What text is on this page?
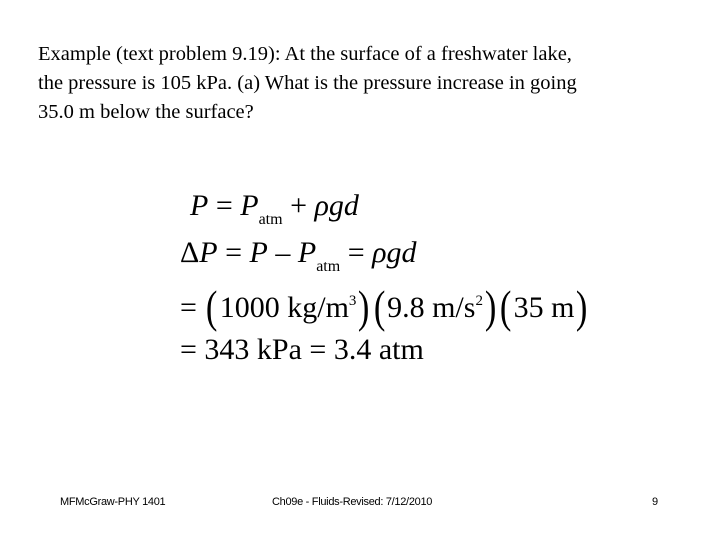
Example (text problem 9.19): At the surface of a freshwater lake,
the pressure is 105 kPa. (a) What is the pressure increase in going
35.0 m below the surface?

$P = P_{atm} + \rho gd$
$\Delta P = P - P_{atm} = \rho gd$
= (1000 $kg/m^3)(9.8$ $m/s^2)(35$ m)
= 343 kPa = 3.4 atm
MFMcGraw-PHY 1401	Ch09e - Fluids-Revised: 7/12/2010	9
